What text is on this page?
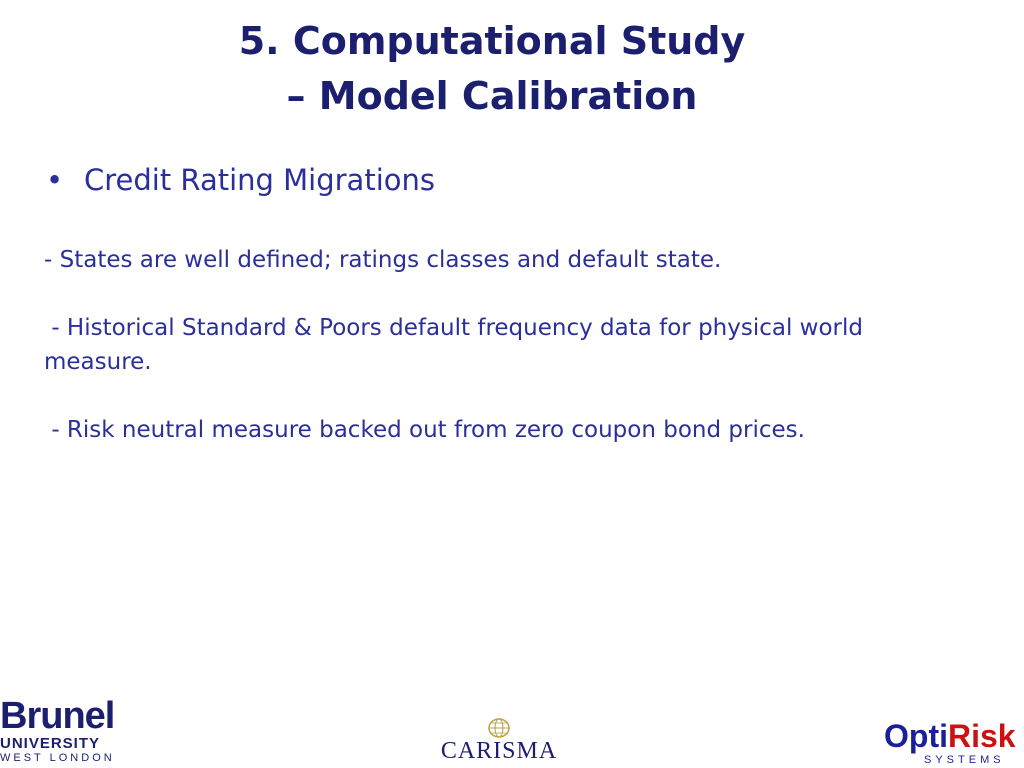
5. Computational Study
– Model Calibration
• Credit Rating Migrations
- States are well defined; ratings classes and default state.
- Historical Standard & Poors default frequency data for physical world measure.
- Risk neutral measure backed out from zero coupon bond prices.
Brunel
UNIVERSITY
WEST LONDON	CARISMA	OptiRisk
SYSTEMS
